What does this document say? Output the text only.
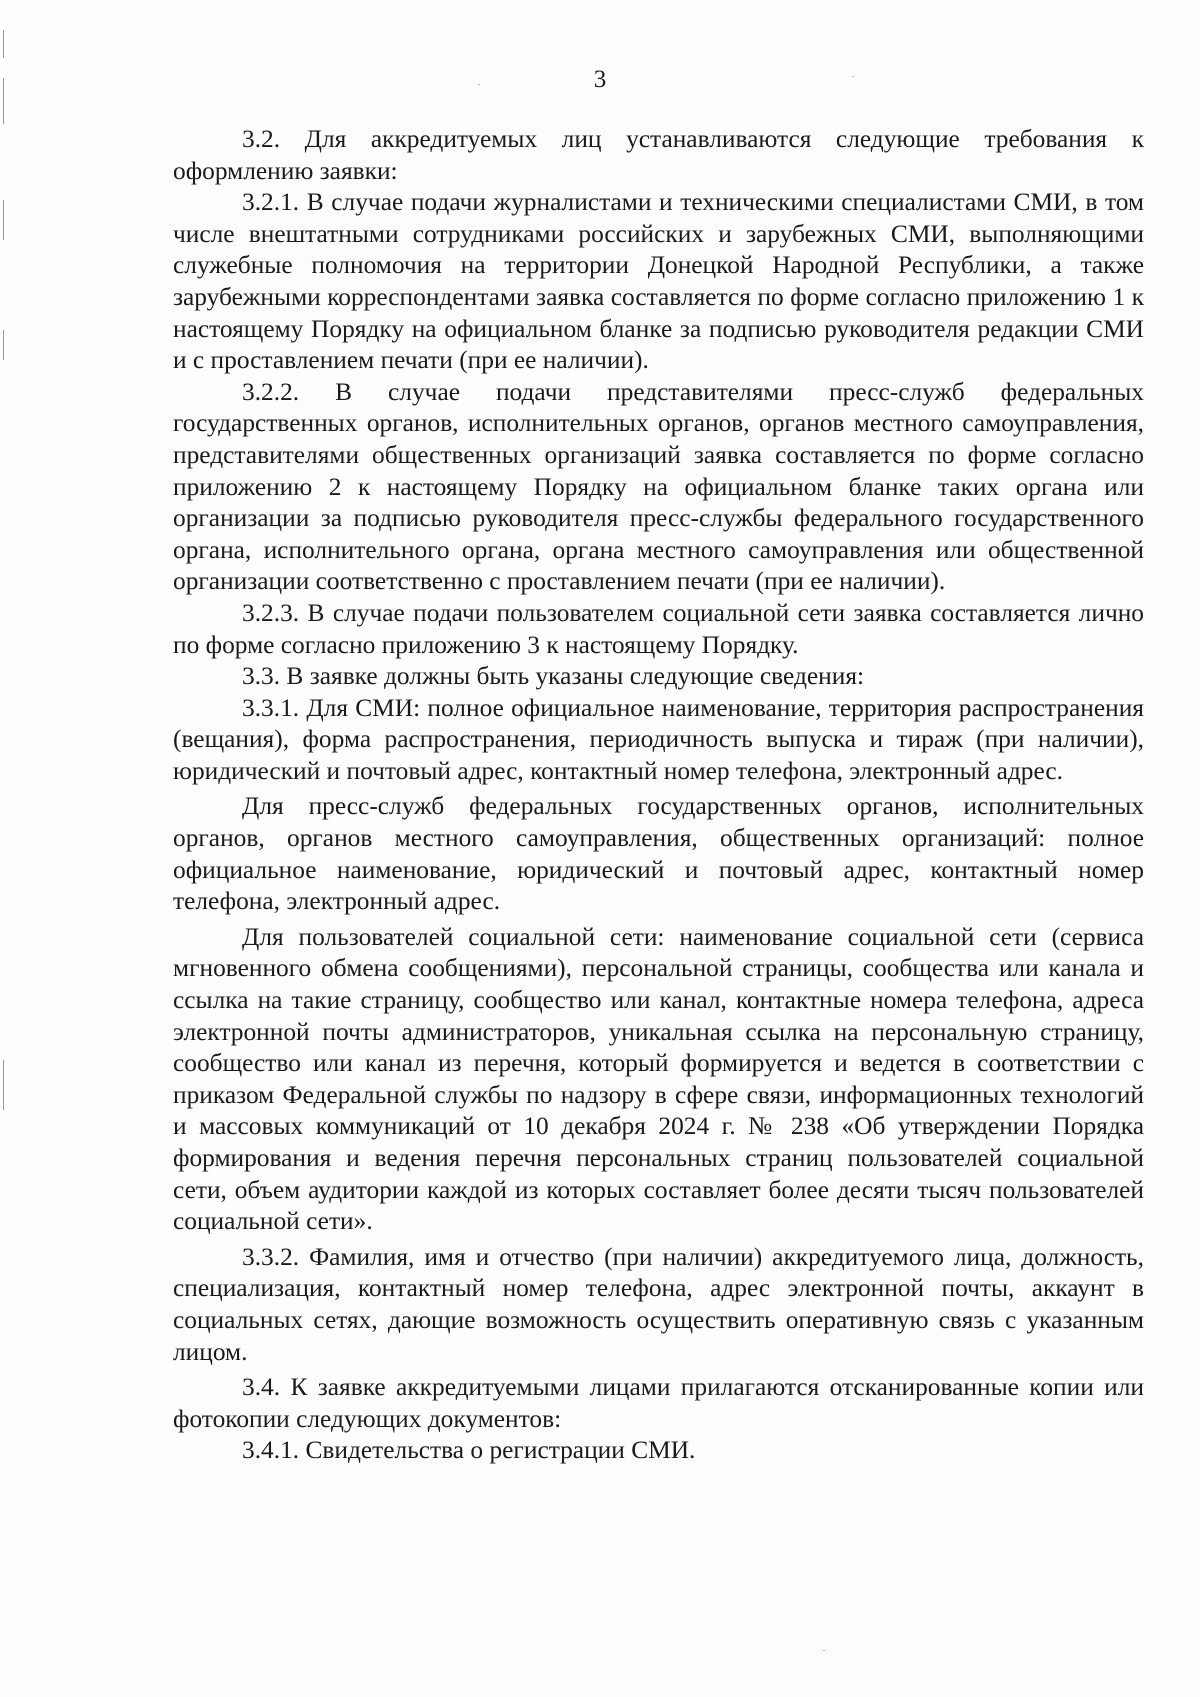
3

3.2. Для аккредитуемых лиц устанавливаются следующие требования к оформлению заявки:

3.2.1. В случае подачи журналистами и техническими специалистами СМИ, в том числе внештатными сотрудниками российских и зарубежных СМИ, выполняющими служебные полномочия на территории Донецкой Народной Республики, а также зарубежными корреспондентами заявка составляется по форме согласно приложению 1 к настоящему Порядку на официальном бланке за подписью руководителя редакции СМИ и с проставлением печати (при ее наличии).

3.2.2. В случае подачи представителями пресс-служб федеральных государственных органов, исполнительных органов, органов местного самоуправления, представителями общественных организаций заявка составляется по форме согласно приложению 2 к настоящему Порядку на официальном бланке таких органа или организации за подписью руководителя пресс-службы федерального государственного органа, исполнительного органа, органа местного самоуправления или общественной организации соответственно с проставлением печати (при ее наличии).

3.2.3. В случае подачи пользователем социальной сети заявка составляется лично по форме согласно приложению 3 к настоящему Порядку.

3.3. В заявке должны быть указаны следующие сведения:

3.3.1. Для СМИ: полное официальное наименование, территория распространения (вещания), форма распространения, периодичность выпуска и тираж (при наличии), юридический и почтовый адрес, контактный номер телефона, электронный адрес.

Для пресс-служб федеральных государственных органов, исполнительных органов, органов местного самоуправления, общественных организаций: полное официальное наименование, юридический и почтовый адрес, контактный номер телефона, электронный адрес.

Для пользователей социальной сети: наименование социальной сети (сервиса мгновенного обмена сообщениями), персональной страницы, сообщества или канала и ссылка на такие страницу, сообщество или канал, контактные номера телефона, адреса электронной почты администраторов, уникальная ссылка на персональную страницу, сообщество или канал из перечня, который формируется и ведется в соответствии с приказом Федеральной службы по надзору в сфере связи, информационных технологий и массовых коммуникаций от 10 декабря 2024 г. № 238 «Об утверждении Порядка формирования и ведения перечня персональных страниц пользователей социальной сети, объем аудитории каждой из которых составляет более десяти тысяч пользователей социальной сети».

3.3.2. Фамилия, имя и отчество (при наличии) аккредитуемого лица, должность, специализация, контактный номер телефона, адрес электронной почты, аккаунт в социальных сетях, дающие возможность осуществить оперативную связь с указанным лицом.

3.4. К заявке аккредитуемыми лицами прилагаются отсканированные копии или фотокопии следующих документов:

3.4.1. Свидетельства о регистрации СМИ.
